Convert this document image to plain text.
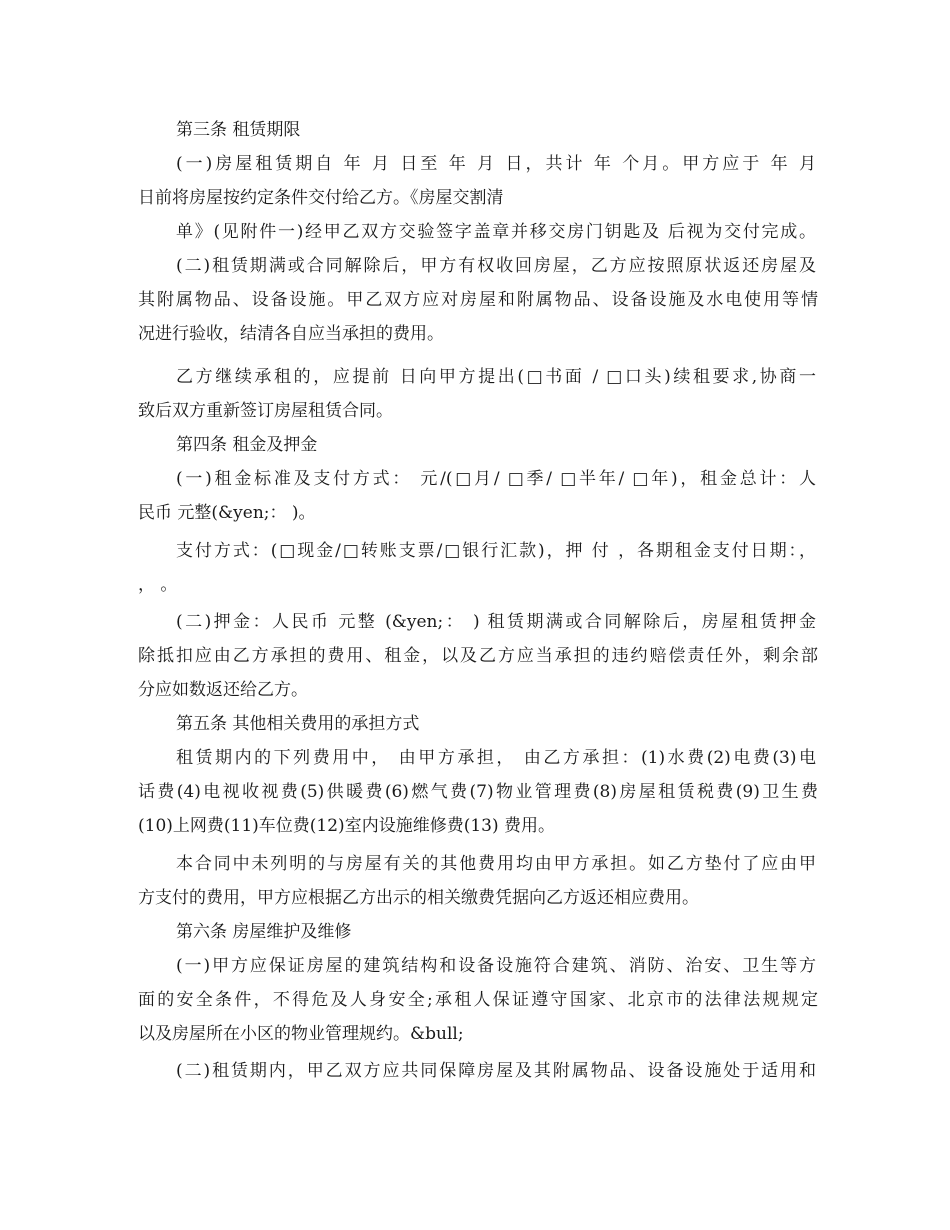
第三条 租赁期限
(一)房屋租赁期自 年 月 日至 年 月 日，共计 年 个月。甲方应于 年 月
日前将房屋按约定条件交付给乙方。《房屋交割清
单》(见附件一)经甲乙双方交验签字盖章并移交房门钥匙及 后视为交付完成。
(二)租赁期满或合同解除后，甲方有权收回房屋，乙方应按照原状返还房屋及
其附属物品、设备设施。甲乙双方应对房屋和附属物品、设备设施及水电使用等情
况进行验收，结清各自应当承担的费用。
乙方继续承租的，应提前 日向甲方提出(□书面 / □口头)续租要求,协商一
致后双方重新签订房屋租赁合同。
第四条 租金及押金
(一)租金标准及支付方式： 元/(□月/ □季/ □半年/ □年)，租金总计：人
民币 元整(&yen;： )。
支付方式：(□现金/□转账支票/□银行汇款)，押 付 ，各期租金支付日期：，
， 。
(二)押金：人民币 元整 (&yen;： ) 租赁期满或合同解除后，房屋租赁押金
除抵扣应由乙方承担的费用、租金，以及乙方应当承担的违约赔偿责任外，剩余部
分应如数返还给乙方。
第五条 其他相关费用的承担方式
租赁期内的下列费用中， 由甲方承担， 由乙方承担：(1)水费(2)电费(3)电
话费(4)电视收视费(5)供暖费(6)燃气费(7)物业管理费(8)房屋租赁税费(9)卫生费
(10)上网费(11)车位费(12)室内设施维修费(13) 费用。
本合同中未列明的与房屋有关的其他费用均由甲方承担。如乙方垫付了应由甲
方支付的费用，甲方应根据乙方出示的相关缴费凭据向乙方返还相应费用。
第六条 房屋维护及维修
(一)甲方应保证房屋的建筑结构和设备设施符合建筑、消防、治安、卫生等方
面的安全条件，不得危及人身安全;承租人保证遵守国家、北京市的法律法规规定
以及房屋所在小区的物业管理规约。&bull;
(二)租赁期内，甲乙双方应共同保障房屋及其附属物品、设备设施处于适用和
